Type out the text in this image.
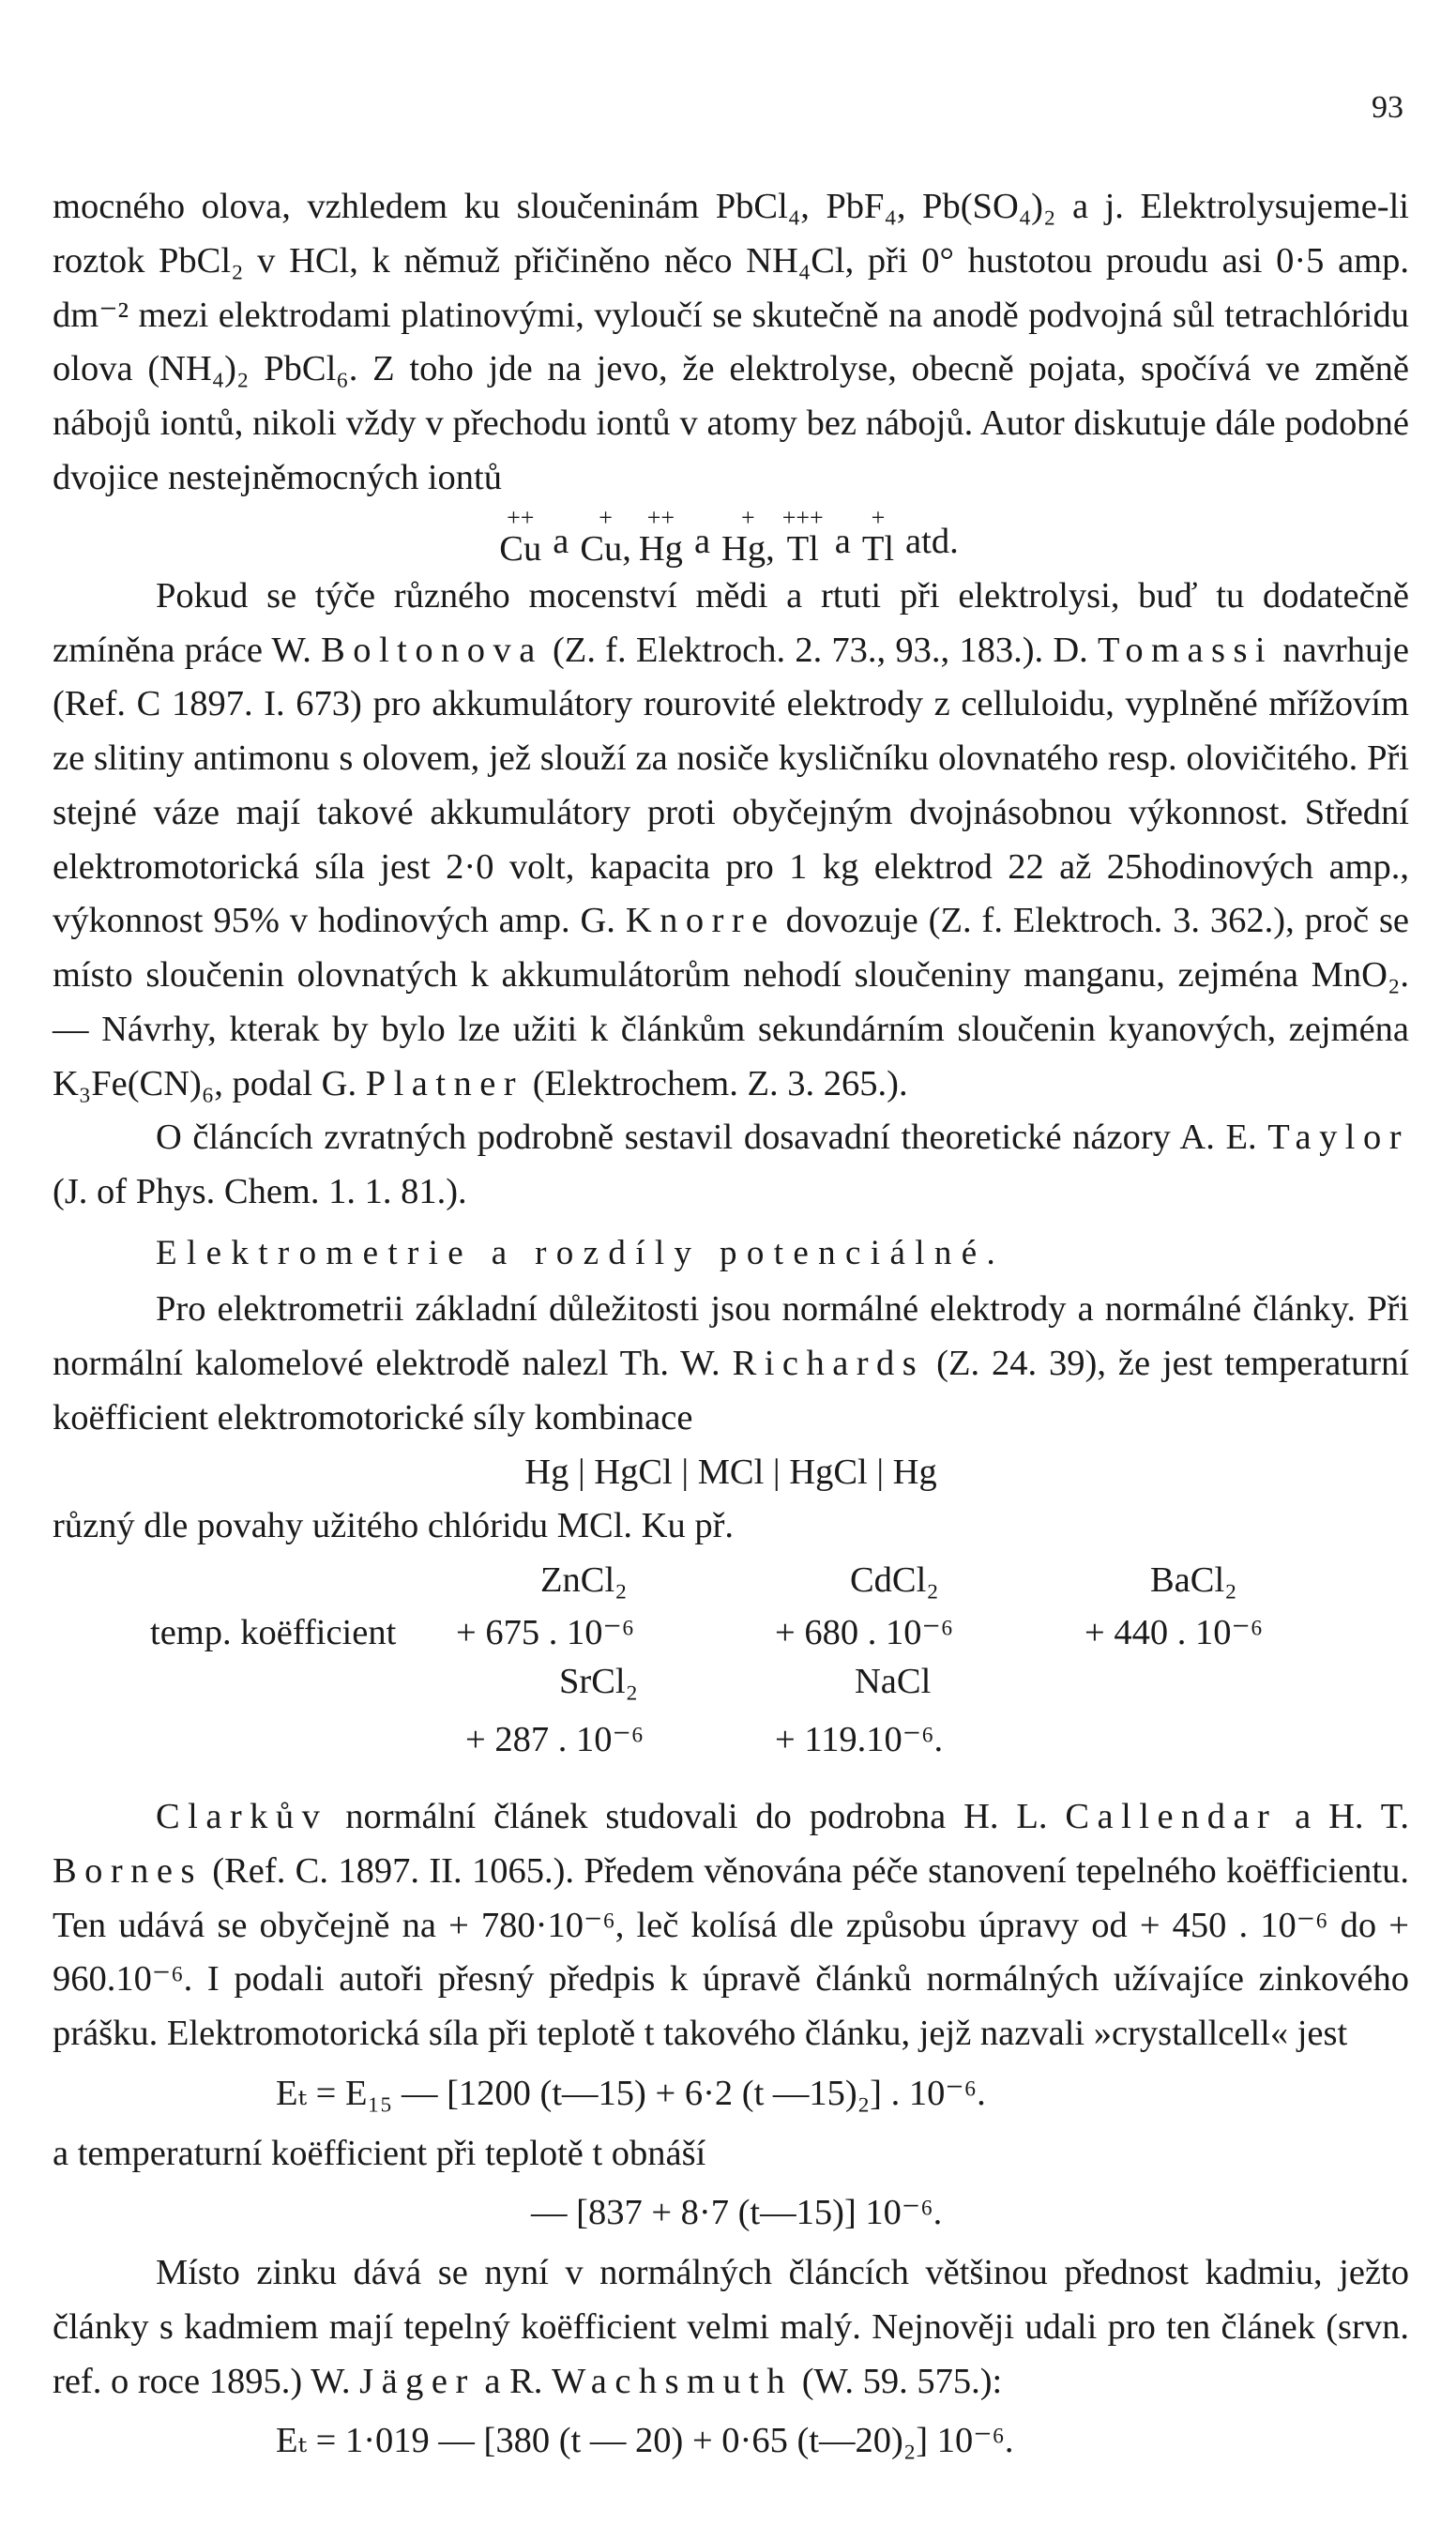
93

mocného olova, vzhledem ku sloučeninám PbCl₄, PbF₄, Pb(SO₄)₂ a j. Elektrolysujeme-li roztok PbCl₂ v HCl, k němuž přičiněno něco NH₄Cl, při 0° hustotou proudu asi 0·5 amp. dm⁻² mezi elektrodami platinovými, vyloučí se skutečně na anodě podvojná sůl tetrachlóridu olova (NH₄)₂ PbCl₆. Z toho jde na jevo, že elektrolyse, obecně pojata, spočívá ve změně nábojů iontů, nikoli vždy v přechodu iontů v atomy bez nábojů. Autor diskutuje dále podobné dvojice nestejněmocných iontů

++
Cu a
+
Cu,
++
Hg a
+
Hg,
+++
Tl a
+
Tl atd.

Pokud se týče různého mocenství mědi a rtuti při elektrolysi, buď tu dodatečně zmíněna práce W. Boltonova (Z. f. Elektroch. 2. 73., 93., 183.). D. Tomassi navrhuje (Ref. C 1897. I. 673) pro akkumulátory rourovité elektrody z celluloidu, vyplněné mřížovím ze slitiny antimonu s olovem, jež slouží za nosiče kysličníku olovnatého resp. olovičitého. Při stejné váze mají takové akkumulátory proti obyčejným dvojnásobnou výkonnost. Střední elektromotorická síla jest 2·0 volt, kapacita pro 1 kg elektrod 22 až 25hodinových amp., výkonnost 95% v hodinových amp. G. Knorre dovozuje (Z. f. Elektroch. 3. 362.), proč se místo sloučenin olovnatých k akkumulátorům nehodí sloučeniny manganu, zejména MnO₂. — Návrhy, kterak by bylo lze užiti k článkům sekundárním sloučenin kyanových, zejména K₃Fe(CN)₆, podal G. Platner (Elektrochem. Z. 3. 265.).

O článcích zvratných podrobně sestavil dosavadní theoretické názory A. E. Taylor (J. of Phys. Chem. 1. 1. 81.).

Elektrometrie a rozdíly potenciálné.

Pro elektrometrii základní důležitosti jsou normálné elektrody a normálné články. Při normální kalomelové elektrodě nalezl Th. W. Richards (Z. 24. 39), že jest temperaturní koëfficient elektromotorické síly kombinace

Hg | HgCl | MCl | HgCl | Hg

různý dle povahy užitého chlóridu MCl. Ku př.

ZnCl₂	CdCl₂	BaCl₂
temp. koëfficient + 675 . 10⁻⁶	+ 680 . 10⁻⁶	+ 440 . 10⁻⁶
SrCl₂	NaCl
+ 287 . 10⁻⁶	+ 119.10⁻⁶.

Clarkův normální článek studovali do podrobna H. L. Callendar a H. T. Bornes (Ref. C. 1897. II. 1065.). Předem věnována péče stanovení tepelného koëfficientu. Ten udává se obyčejně na + 780·10⁻⁶, leč kolísá dle způsobu úpravy od + 450 . 10⁻⁶ do + 960.10⁻⁶. I podali autoři přesný předpis k úpravě článků normálných užívajíce zinkového prášku. Elektromotorická síla při teplotě t takového článku, jejž nazvali »crystallcell« jest

Eₜ = E₁₅ — [1200 (t—15) + 6·2 (t —15)₂] . 10⁻⁶.

a temperaturní koëfficient při teplotě t obnáší

— [837 + 8·7 (t—15)] 10⁻⁶.

Místo zinku dává se nyní v normálných článcích většinou přednost kadmiu, ježto články s kadmiem mají tepelný koëfficient velmi malý. Nejnověji udali pro ten článek (srvn. ref. o roce 1895.) W. Jäger a R. Wachsmuth (W. 59. 575.):

Eₜ = 1·019 — [380 (t — 20) + 0·65 (t—20)₂] 10⁻⁶.
